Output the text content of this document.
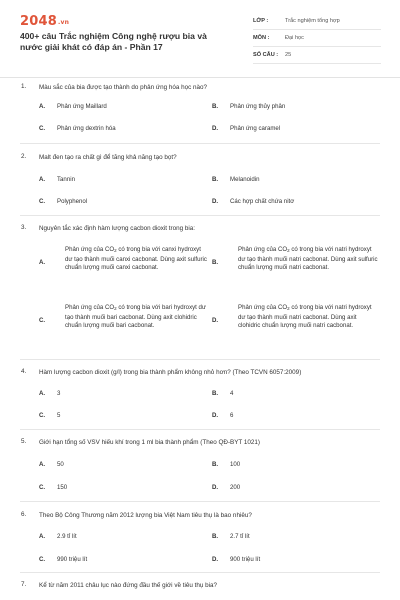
2048.vn
400+ câu Trắc nghiệm Công nghệ rượu bia và nước giải khát có đáp án - Phần 17
LỚP :	Trắc nghiệm tổng hợp
MÔN :	Đại học
SỐ CÂU : 25
1. Màu sắc của bia được tạo thành do phản ứng hóa học nào?
A. Phản ứng Maillard	B. Phản ứng thủy phân
C. Phản ứng dextrin hóa	D. Phản ứng caramel
2. Malt đen tạo ra chất gì để tăng khả năng tạo bọt?
A. Tannin	B. Melanoidin
C. Polyphenol	D. Các hợp chất chứa nitơ
3. Nguyên tắc xác định hàm lượng cacbon dioxit trong bia:
A.
Phản ứng của $CO_2$ có trong bia với canxi hydroxyt dư tạo thành muối canxi cacbonat. Dùng axit sulfuric chuẩn lượng muối canxi cacbonat.
B.
Phản ứng của $CO_2$ có trong bia với natri hydroxyt dư tạo thành muối natri cacbonat. Dùng axit sulfuric chuẩn lượng muối natri cacbonat.
C.
Phản ứng của $CO_2$ có trong bia với bari hydroxyt dư tạo thành muối bari cacbonat. Dùng axit clohidric chuẩn lượng muối bari cacbonat.
D.
Phản ứng của $CO_2$ có trong bia với natri hydroxyt dư tạo thành muối natri cacbonat. Dùng axit clohidric chuẩn lượng muối natri cacbonat.
4. Hàm lượng cacbon dioxit (g/l) trong bia thành phẩm không nhỏ hơn? (Theo TCVN 6057:2009)
A. 3	B. 4
C. 5	D. 6
5. Giới hạn tổng số VSV hiếu khí trong 1 ml bia thành phẩm (Theo QĐ-BYT 1021)
A. 50	B. 100
C. 150	D. 200
6. Theo Bộ Công Thương năm 2012 lượng bia Việt Nam tiêu thụ là bao nhiêu?
A. 2.9 tỉ lít	B. 2.7 tỉ lít
C. 990 triệu lít	D. 900 triệu lít
7. Kể từ năm 2011 châu lục nào đứng đầu thế giới về tiêu thụ bia?
